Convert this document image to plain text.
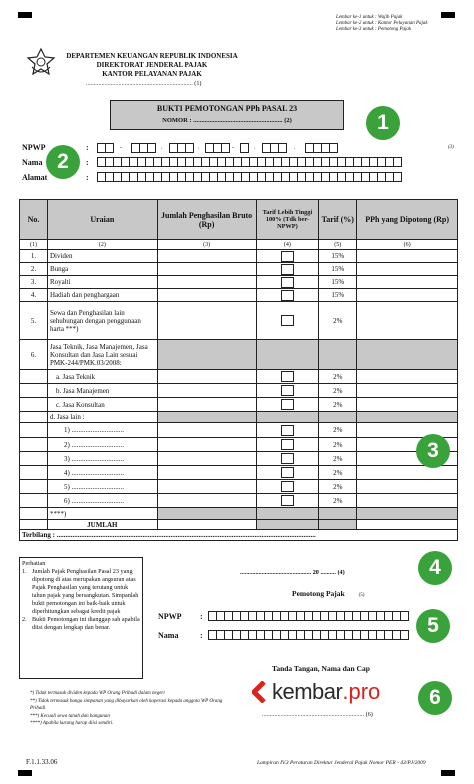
Lembar ke-1 untuk : Wajib Pajak
Lembar ke-2 untuk : Kantor Pelayanan Pajak
Lembar ke-3 untuk : Pemotong Pajak
DEPARTEMEN KEUANGAN REPUBLIK INDONESIA
DIREKTORAT JENDERAL PAJAK
KANTOR PELAYANAN PAJAK
..................................................................... (1)
BUKTI PEMOTONGAN PPh PASAL 23
NOMOR : ....................................................... (2)
NPWP	:	-	.	.	-	.	.	(3)
Nama	:
Alamat	:
No.	Uraian	Jumlah Penghasilan Bruto (Rp)	Tarif Lebih Tinggi 100% (Tdk ber-NPWP)	Tarif (%)	PPh yang Dipotong (Rp)
(1)	(2)	(3)	(4)	(5)	(6)
1.	Dividen			15%	
2.	Bunga			15%	
3.	Royalti			15%	
4.	Hadiah dan penghargaan			15%	
5.	Sewa dan Penghasilan lain sehubungan dengan penggunaan harta ***)			2%	
6.	Jasa Teknik, Jasa Manajemen, Jasa Konsultan dan Jasa Lain sesuai PMK-244/PMK.03/2008:				
	a. Jasa Teknik			2%	
	b. Jasa Manajemen			2%	
	c. Jasa Konsultan			2%	
	d. Jasa lain :				
	1) ..............................			2%	
	2) ..............................			2%	
	3) ..............................			2%	
	4) ..............................			2%	
	5) ..............................			2%	
	6) ..............................			2%	
	****)				
	JUMLAH				
Terbilang : ....................................................................................................................................................					
Perhatian
1. Jumlah Pajak Penghasilan Pasal 23 yang dipotong di atas merupakan angsuran atas Pajak Penghasilan yang terutang untuk tahun pajak yang bersangkutan. Simpanlah bukti pemotongan ini baik-baik untuk diperhitungkan sebagai kredit pajak
2. Bukti Pemotongan ini dianggap sah apabila diisi dengan lengkap dan benar.
.............................................. 20 .......... (4)
Pemotong Pajak	(5)
NPWP :
Nama	:
Tanda Tangan, Nama dan Cap
kembar .pro
.................................................................. (6)
*) Tidak termasuk dividen kepada WP Orang Pribadi dalam negeri
**) Tidak termasuk bunga simpanan yang dibayarkan oleh koperasi kepada anggota WP Orang Pribadi
***) Kecuali sewa tanah dan bangunan
****) Apabila kurang harap diisi sendiri.
F.1.1.33.06	Lampiran IV.3 Peraturan Direktur Jenderal Pajak Nomor PER - 43/PJ/2009
1
2
3
4
5
6
